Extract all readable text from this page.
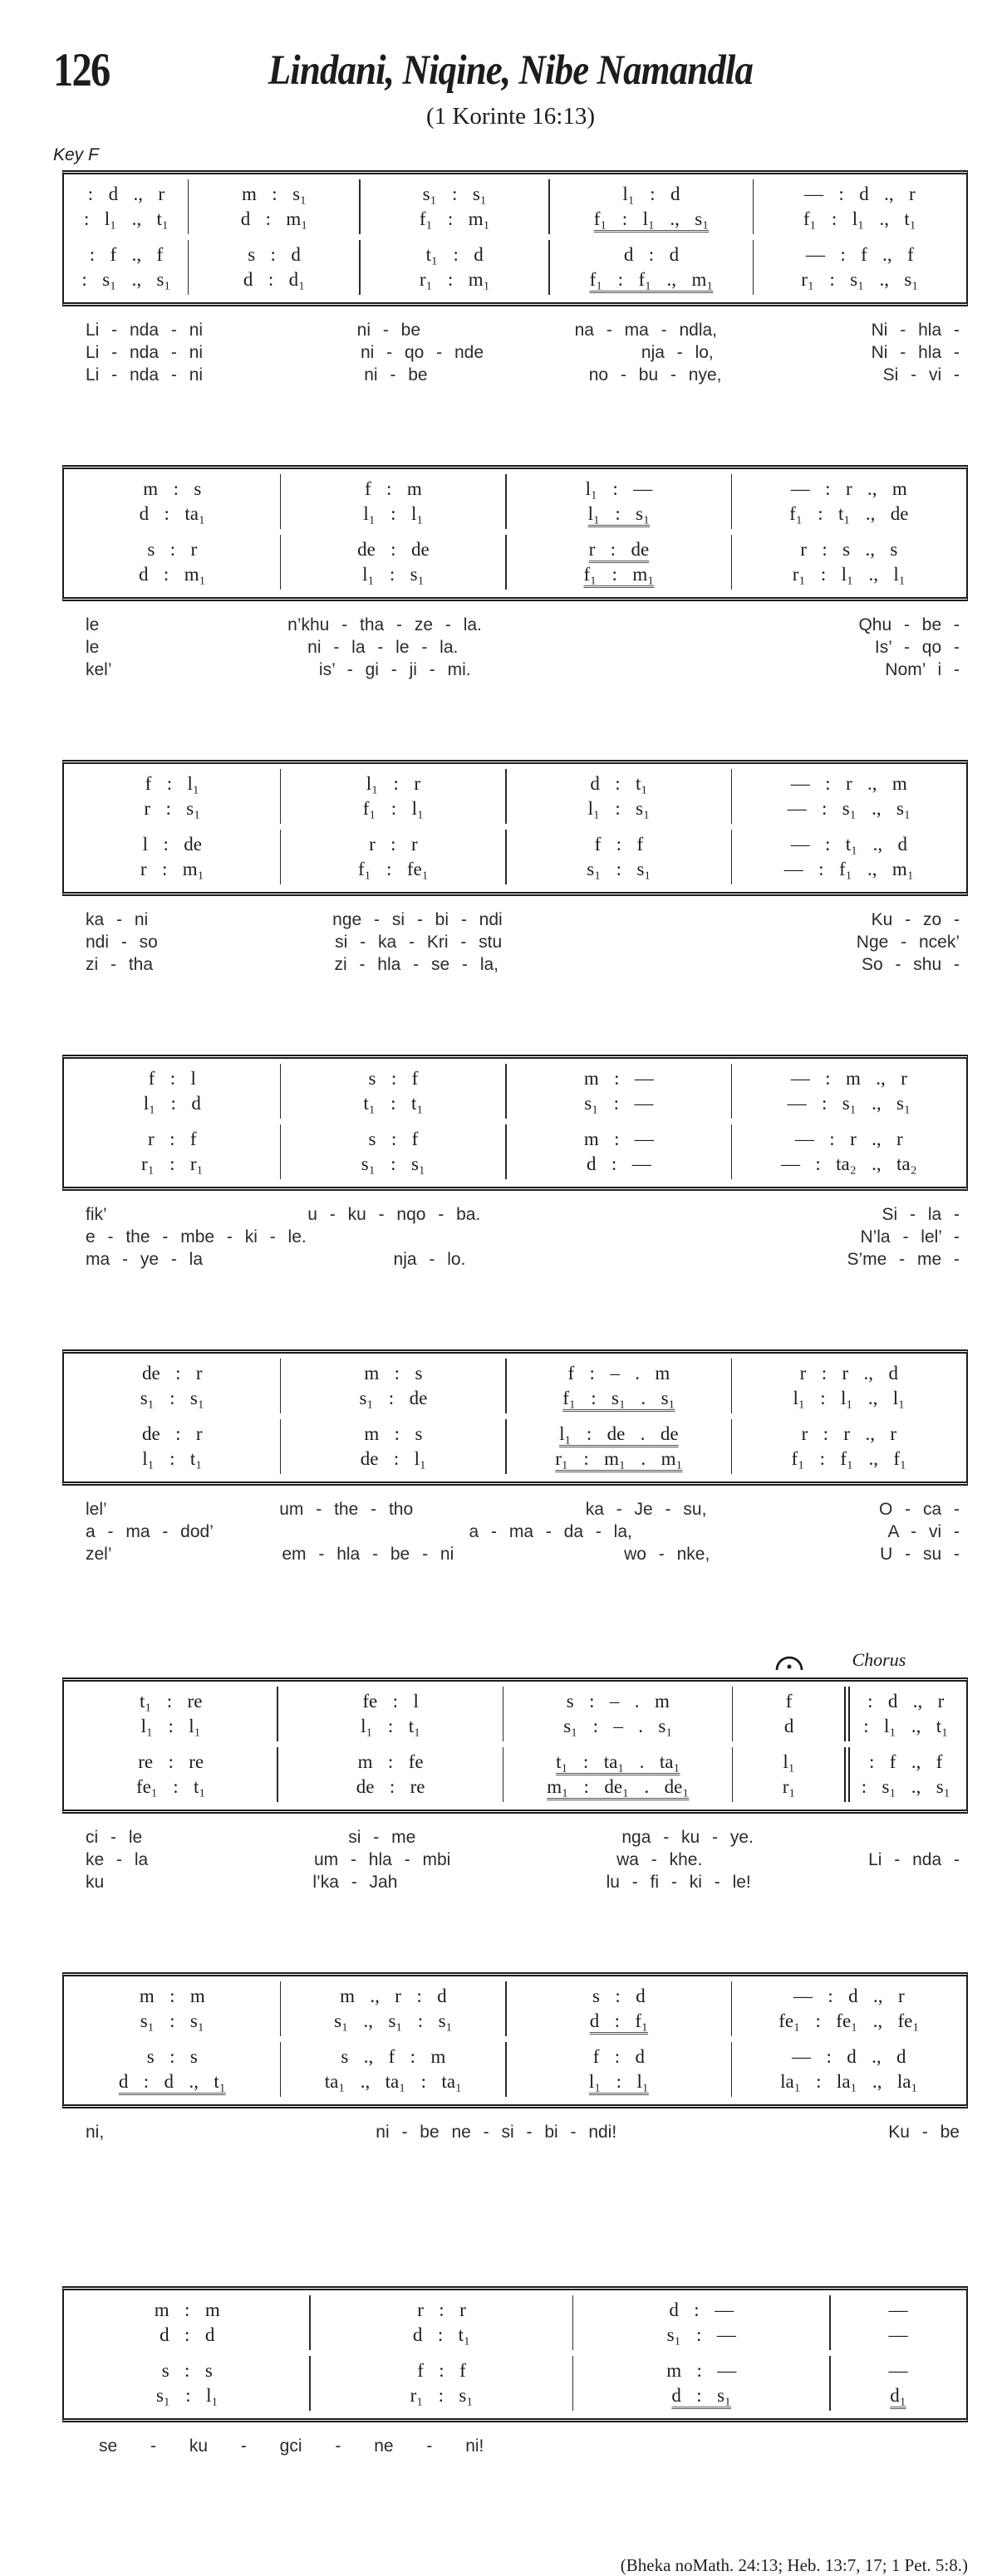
126	Lindani, Niqine, Nibe Namandla
(1 Korinte 16:13)
Key F
: d ., r	m : s₁	s₁ : s₁	l₁ : d	— : d ., r
: l₁ ., t₁	d : m₁	f₁ : m₁	f₁ : l₁ ., s₁	f₁ : l₁ ., t₁
: f ., f	s : d	t₁ : d	d : d	— : f ., f
: s₁ ., s₁	d : d₁	r₁ : m₁	f₁ : f₁ ., m₁	r₁ : s₁ ., s₁
Li - nda - ni	ni - be	na - ma - ndla,	Ni - hla -
Li - nda - ni	ni - qo - nde	nja - lo,	Ni - hla -
Li - nda - ni	ni - be	no - bu - nye,	Si - vi -
m : s	f : m	l₁ : —	— : r ., m
d : ta₁	l₁ : l₁	l₁ : s₁	f₁ : t₁ ., de
s : r	de : de	r : de	r : s ., s
d : m₁	l₁ : s₁	f₁ : m₁	r₁ : l₁ ., l₁
le	n’khu - tha - ze - la.	Qhu - be -
le	ni - la - le - la.	Is’ - qo -
kel’	is’ - gi - ji - mi.	Nom’ i -
f : l₁	l₁ : r	d : t₁	— : r ., m
r : s₁	f₁ : l₁	l₁ : s₁	— : s₁ ., s₁
l : de	r : r	f : f	— : t₁ ., d
r : m₁	f₁ : fe₁	s₁ : s₁	— : f₁ ., m₁
ka - ni	nge - si - bi - ndi	Ku - zo -
ndi - so	si - ka - Kri - stu	Nge - ncek’
zi - tha	zi - hla - se - la,	So - shu -
f : l	s : f	m : —	— : m ., r
l₁ : d	t₁ : t₁	s₁ : —	— : s₁ ., s₁
r : f	s : f	m : —	— : r ., r
r₁ : r₁	s₁ : s₁	d : —	— : ta₂ ., ta₂
fik’	u - ku - nqo - ba.	Si - la -
e - the - mbe - ki - le.	N’la - lel’ -
ma - ye - la	nja - lo.	S’me - me -
de : r	m : s	f : – . m	r : r ., d
s₁ : s₁	s₁ : de	f₁ : s₁ . s₁	l₁ : l₁ ., l₁
de : r	m : s	l₁ : de . de	r : r ., r
l₁ : t₁	de : l₁	r₁ : m₁ . m₁	f₁ : f₁ ., f₁
lel’	um - the - tho	ka - Je - su,	O - ca -
a - ma - dod’	a - ma - da - la,	A - vi -
zel’	em - hla - be - ni	wo - nke,	U - su -
Chorus
t₁ : re	fe : l	s : – . m	f	: d ., r
l₁ : l₁	l₁ : t₁	s₁ : – . s₁	d	: l₁ ., t₁
re : re	m : fe	t₁ : ta₁ . ta₁	l₁	: f ., f
fe₁ : t₁	de : re	m₁ : de₁ . de₁	r₁	: s₁ ., s₁
ci - le	si - me	nga - ku - ye.
ke - la	um - hla - mbi	wa - khe.	Li - nda -
ku	l’ka - Jah	lu - fi - ki - le!
m : m	m ., r : d	s : d	— : d ., r
s₁ : s₁	s₁ ., s₁ : s₁	d : f₁	fe₁ : fe₁ ., fe₁
s : s	s ., f : m	f : d	— : d ., d
d : d ., t₁	ta₁ ., ta₁ : ta₁	l₁ : l₁	la₁ : la₁ ., la₁
ni,	ni - be ne - si - bi - ndi!	Ku - be
m : m	r : r	d : —	—
d : d	d : t₁	s₁ : —	—
s : s	f : f	m : —	—
s₁ : l₁	r₁ : s₁	d : s₁	d₁
se - ku - gci - ne - ni!
(Bheka noMath. 24:13; Heb. 13:7, 17; 1 Pet. 5:8.)
